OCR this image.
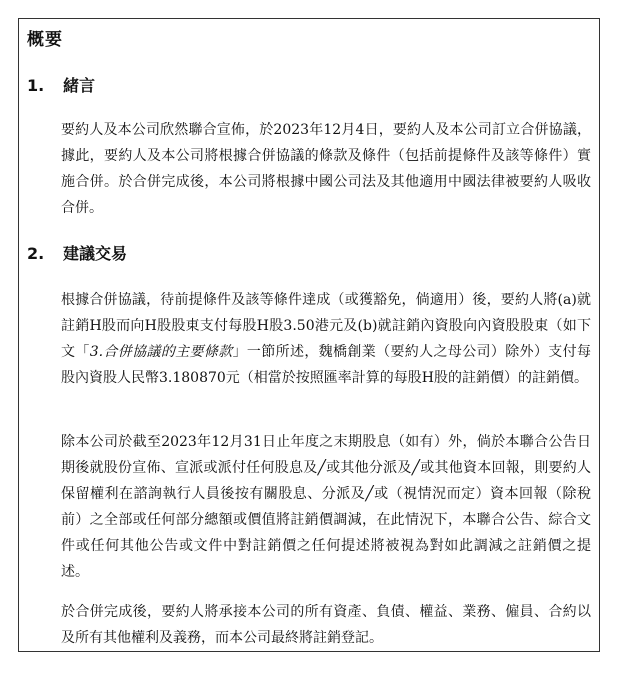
概要
1. 緒言
要約人及本公司欣然聯合宣佈，於2023年12月4日，要約人及本公司訂立合併協議，據此，要約人及本公司將根據合併協議的條款及條件（包括前提條件及該等條件）實施合併。於合併完成後，本公司將根據中國公司法及其他適用中國法律被要約人吸收合併。
2. 建議交易
根據合併協議，待前提條件及該等條件達成（或獲豁免，倘適用）後，要約人將(a)就註銷H股而向H股股東支付每股H股3.50港元及(b)就註銷內資股向內資股股東（如下文「3.合併協議的主要條款」一節所述，魏橋創業（要約人之母公司）除外）支付每股內資股人民幣3.180870元（相當於按照匯率計算的每股H股的註銷價）的註銷價。
除本公司於截至2023年12月31日止年度之末期股息（如有）外，倘於本聯合公告日期後就股份宣佈、宣派或派付任何股息及╱或其他分派及╱或其他資本回報，則要約人保留權利在諮詢執行人員後按有關股息、分派及╱或（視情況而定）資本回報（除稅前）之全部或任何部分總額或價值將註銷價調減，在此情況下，本聯合公告、綜合文件或任何其他公告或文件中對註銷價之任何提述將被視為對如此調減之註銷價之提述。
於合併完成後，要約人將承接本公司的所有資產、負債、權益、業務、僱員、合約以及所有其他權利及義務，而本公司最終將註銷登記。
